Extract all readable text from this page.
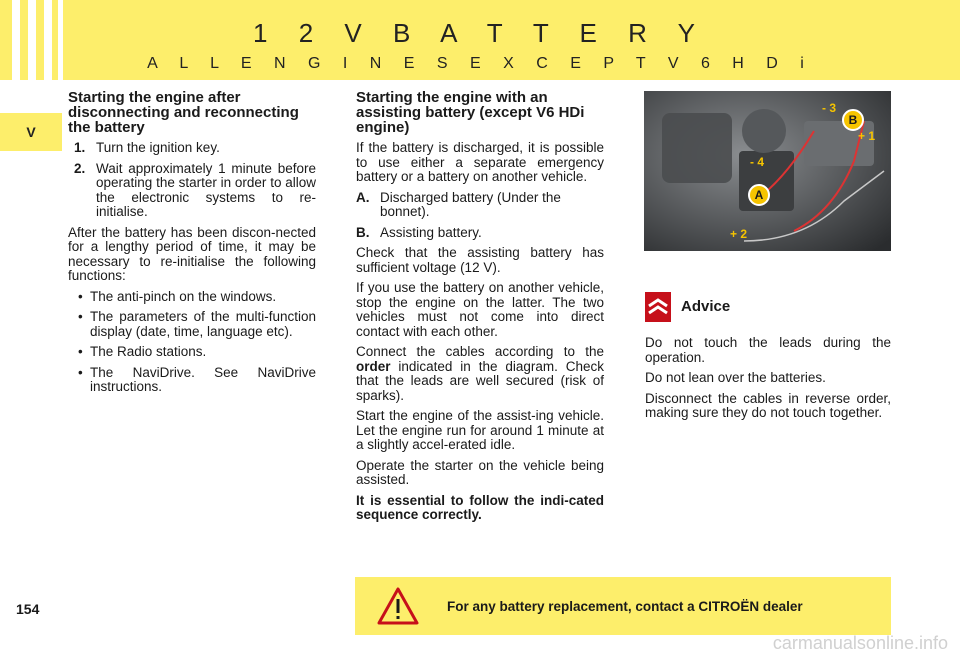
1 2 V B A T T E R Y
A L L E N G I N E S E X C E P T V 6 H D i
V
Starting the engine after disconnecting and reconnecting the battery
1. Turn the ignition key.
2. Wait approximately 1 minute before operating the starter in order to allow the electronic systems to re-initialise.

After the battery has been discon-nected for a lengthy period of time, it may be necessary to re-initialise the following functions:

• The anti-pinch on the windows.
• The parameters of the multi-function display (date, time, language etc).
• The Radio stations.
• The NaviDrive. See NaviDrive instructions.
Starting the engine with an assisting battery (except V6 HDi engine)

If the battery is discharged, it is possible to use either a separate emergency battery or a battery on another vehicle.

A. Discharged battery (Under the bonnet).
B. Assisting battery.

Check that the assisting battery has sufficient voltage (12 V).

If you use the battery on another vehicle, stop the engine on the latter. The two vehicles must not come into direct contact with each other.

Connect the cables according to the order indicated in the diagram. Check that the leads are well secured (risk of sparks).

Start the engine of the assist-ing vehicle. Let the engine run for around 1 minute at a slightly accel-erated idle.

Operate the starter on the vehicle being assisted.

It is essential to follow the indi-cated sequence correctly.

- 3
B
+ 1
- 4
A
+ 2
Advice

Do not touch the leads during the operation.

Do not lean over the batteries.

Disconnect the cables in reverse order, making sure they do not touch together.

For any battery replacement, contact a CITROËN dealer
154
carmanualsonline.info
